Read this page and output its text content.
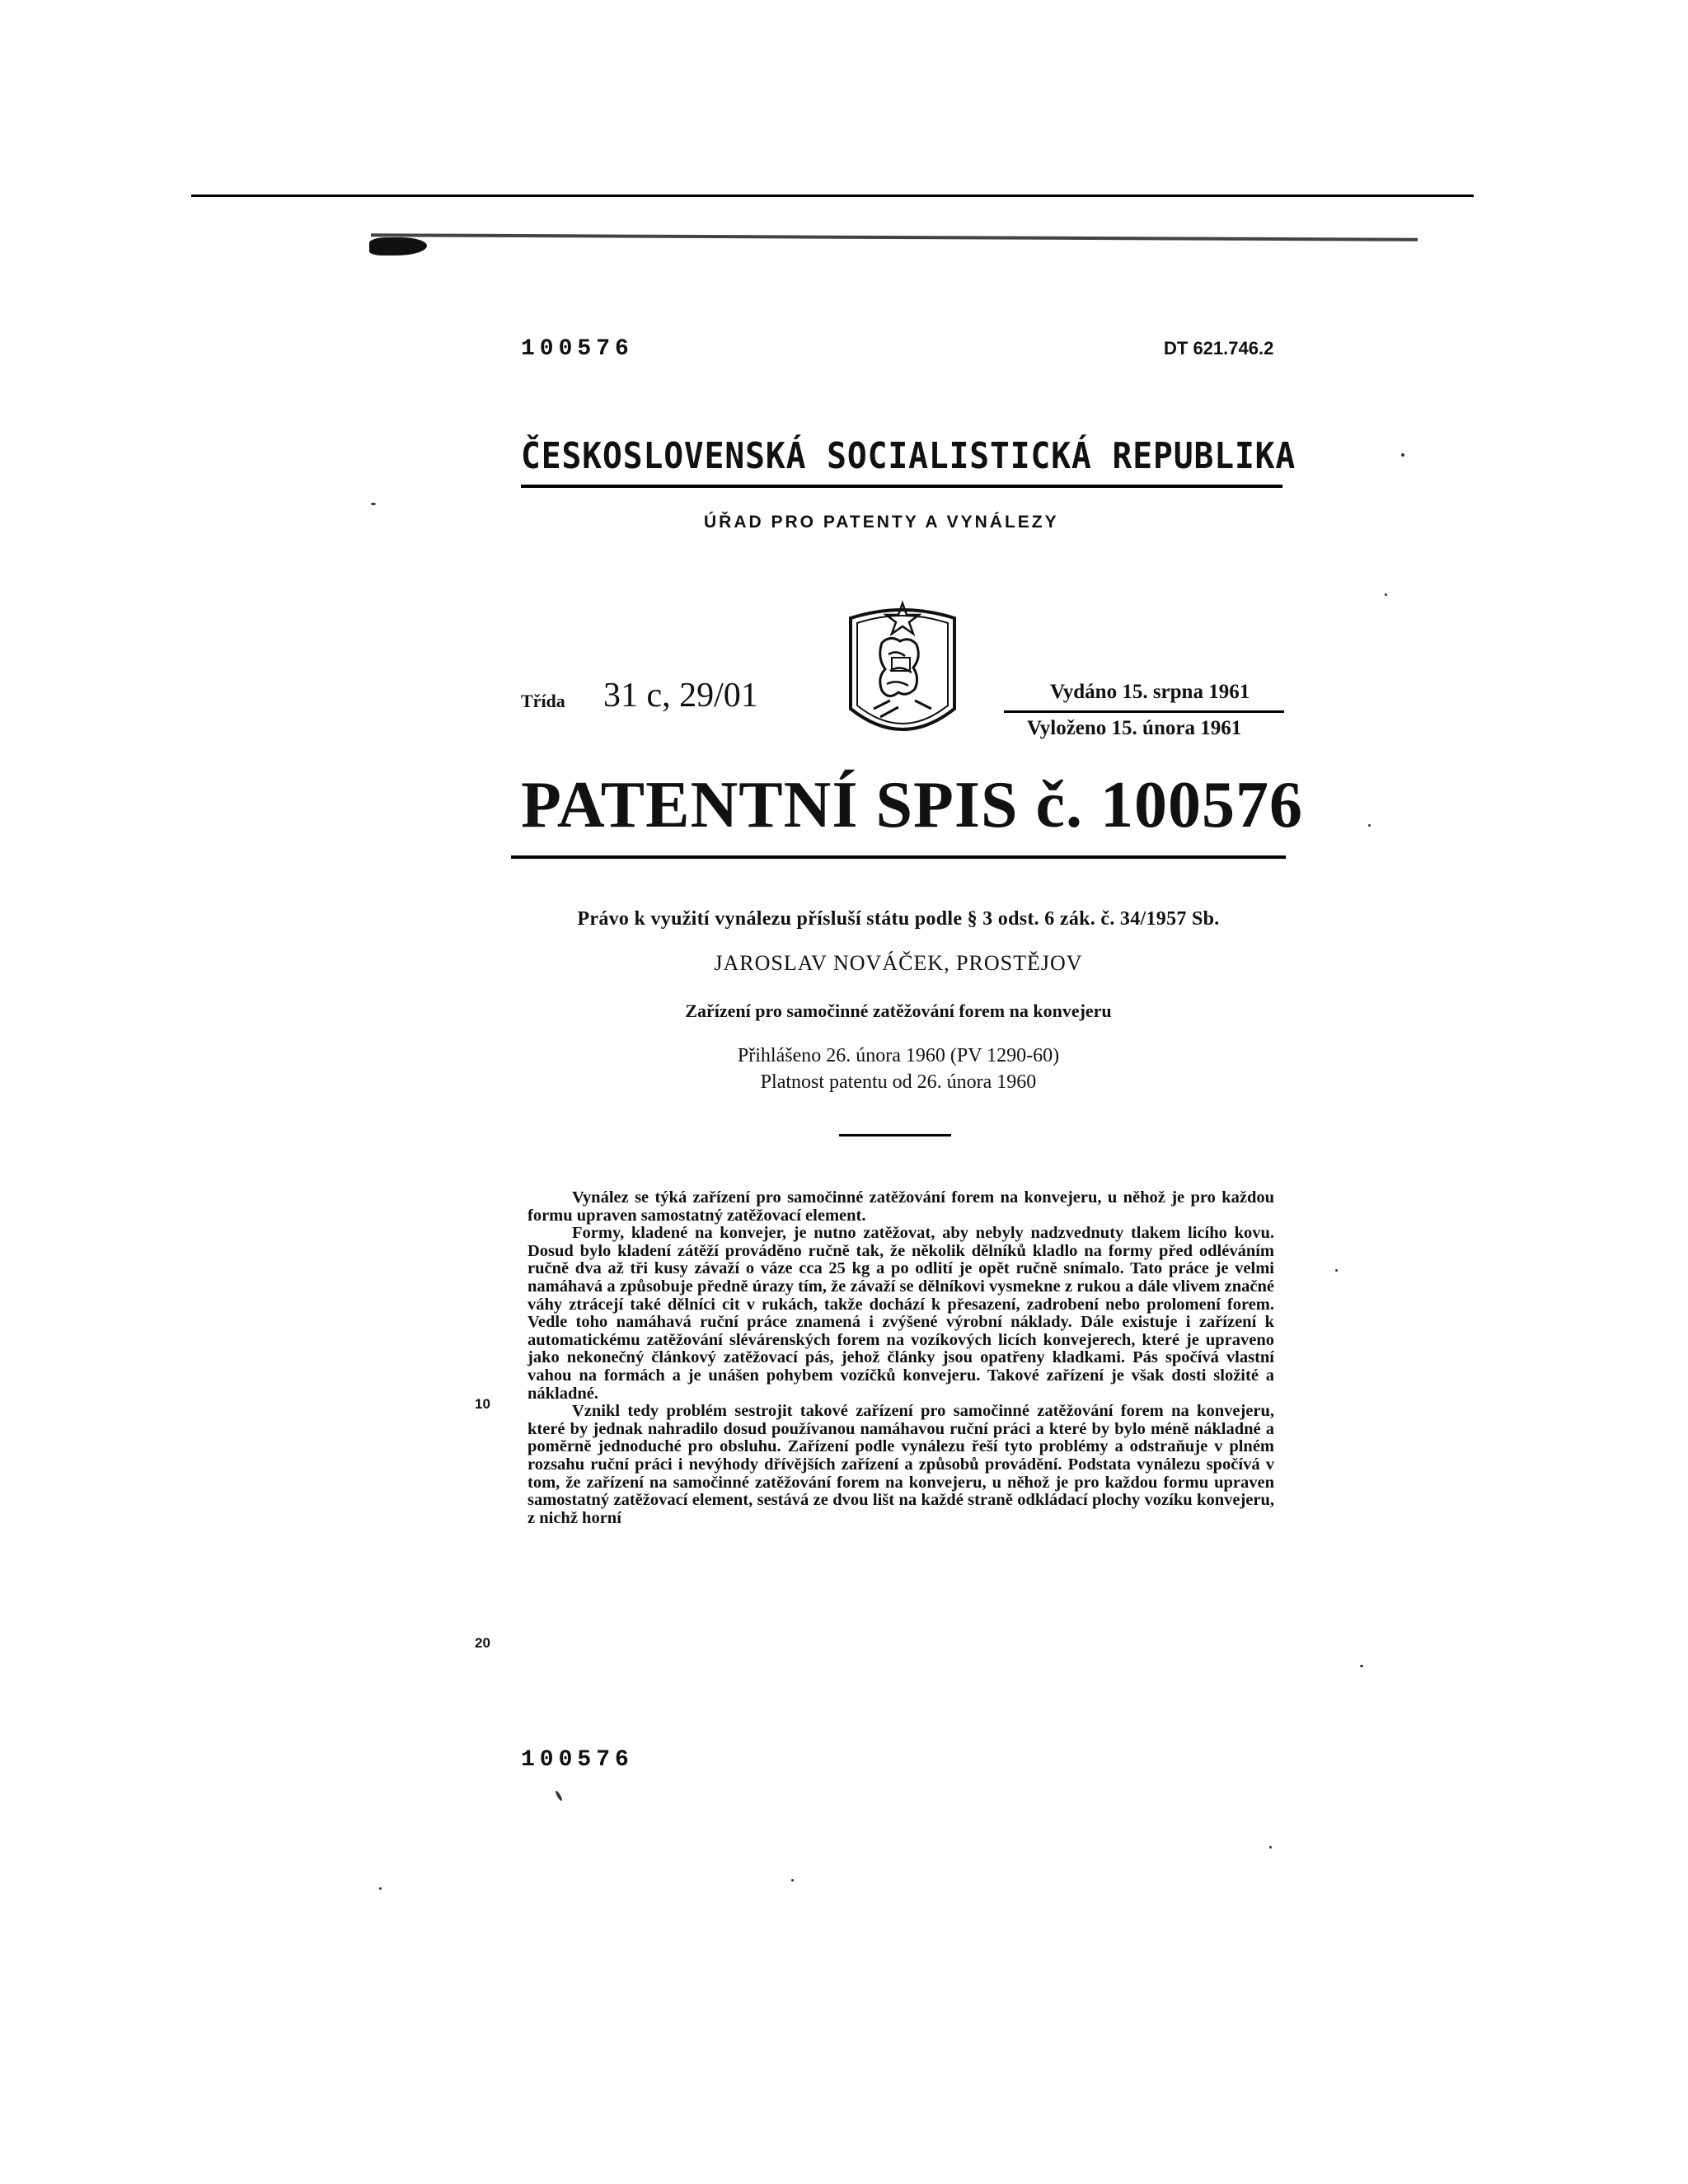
100576	DT 621.746.2
ČESKOSLOVENSKÁ SOCIALISTICKÁ REPUBLIKA
ÚŘAD PRO PATENTY A VYNÁLEZY
Třída 31 c, 29/01	Vydáno 15. srpna 1961
Vyloženo 15. února 1961
PATENTNÍ SPIS č. 100576
Právo k využití vynálezu přísluší státu podle § 3 odst. 6 zák. č. 34/1957 Sb.
JAROSLAV NOVÁČEK, PROSTĚJOV
Zařízení pro samočinné zatěžování forem na konvejeru
Přihlášeno 26. února 1960 (PV 1290-60)
Platnost patentu od 26. února 1960
10
20

Vynález se týká zařízení pro samočinné zatěžování forem na konvejeru, u něhož je pro každou formu upraven samostatný zatěžovací element.

Formy, kladené na konvejer, je nutno zatěžovat, aby nebyly nadzvednuty tlakem licího kovu. Dosud bylo kladení zátěží prováděno ručně tak, že několik dělníků kladlo na formy před odléváním ručně dva až tři kusy závaží o váze cca 25 kg a po odlití je opět ručně snímalo. Tato práce je velmi namáhavá a způsobuje předně úrazy tím, že závaží se dělníkovi vysmekne z rukou a dále vlivem značné váhy ztrácejí také dělníci cit v rukách, takže dochází k přesazení, zadrobení nebo prolomení forem. Vedle toho namáhavá ruční práce znamená i zvýšené výrobní náklady. Dále existuje i zařízení k automatickému zatěžování slévárenských forem na vozíkových licích konvejerech, které je upraveno jako nekonečný článkový zatěžovací pás, jehož články jsou opatřeny kladkami. Pás spočívá vlastní vahou na formách a je unášen pohybem vozíčků konvejeru. Takové zařízení je však dosti složité a nákladné.

Vznikl tedy problém sestrojit takové zařízení pro samočinné zatěžování forem na konvejeru, které by jednak nahradilo dosud používanou namáhavou ruční práci a které by bylo méně nákladné a poměrně jednoduché pro obsluhu. Zařízení podle vynálezu řeší tyto problémy a odstraňuje v plném rozsahu ruční práci i nevýhody dřívějších zařízení a způsobů provádění. Podstata vynálezu spočívá v tom, že zařízení na samočinné zatěžování forem na konvejeru, u něhož je pro každou formu upraven samostatný zatěžovací element, sestává ze dvou lišt na každé straně odkládací plochy vozíku konvejeru, z nichž horní

100576
